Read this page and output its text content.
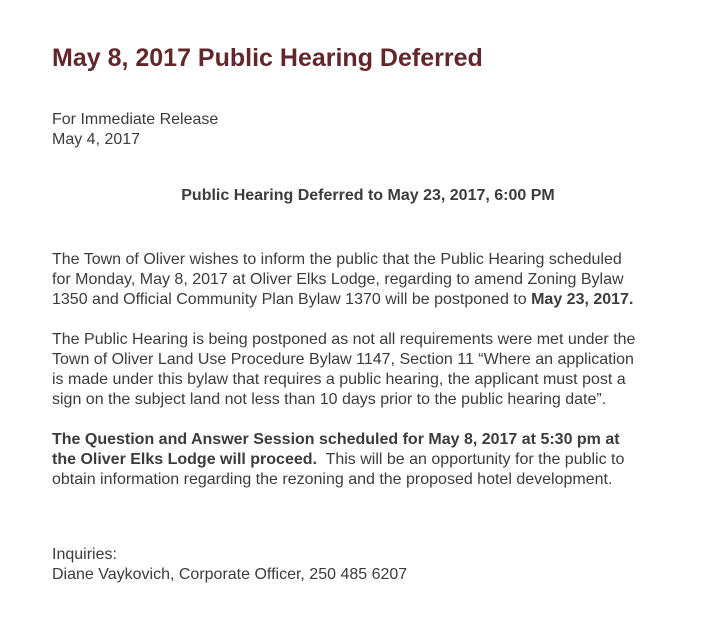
May 8, 2017 Public Hearing Deferred
For Immediate Release
May 4, 2017
Public Hearing Deferred to May 23, 2017, 6:00 PM
The Town of Oliver wishes to inform the public that the Public Hearing scheduled
for Monday, May 8, 2017 at Oliver Elks Lodge, regarding to amend Zoning Bylaw
1350 and Official Community Plan Bylaw 1370 will be postponed to May 23, 2017.
The Public Hearing is being postponed as not all requirements were met under the
Town of Oliver Land Use Procedure Bylaw 1147, Section 11 “Where an application
is made under this bylaw that requires a public hearing, the applicant must post a
sign on the subject land not less than 10 days prior to the public hearing date”.
The Question and Answer Session scheduled for May 8, 2017 at 5:30 pm at
the Oliver Elks Lodge will proceed.  This will be an opportunity for the public to
obtain information regarding the rezoning and the proposed hotel development.
Inquiries:
Diane Vaykovich, Corporate Officer, 250 485 6207
